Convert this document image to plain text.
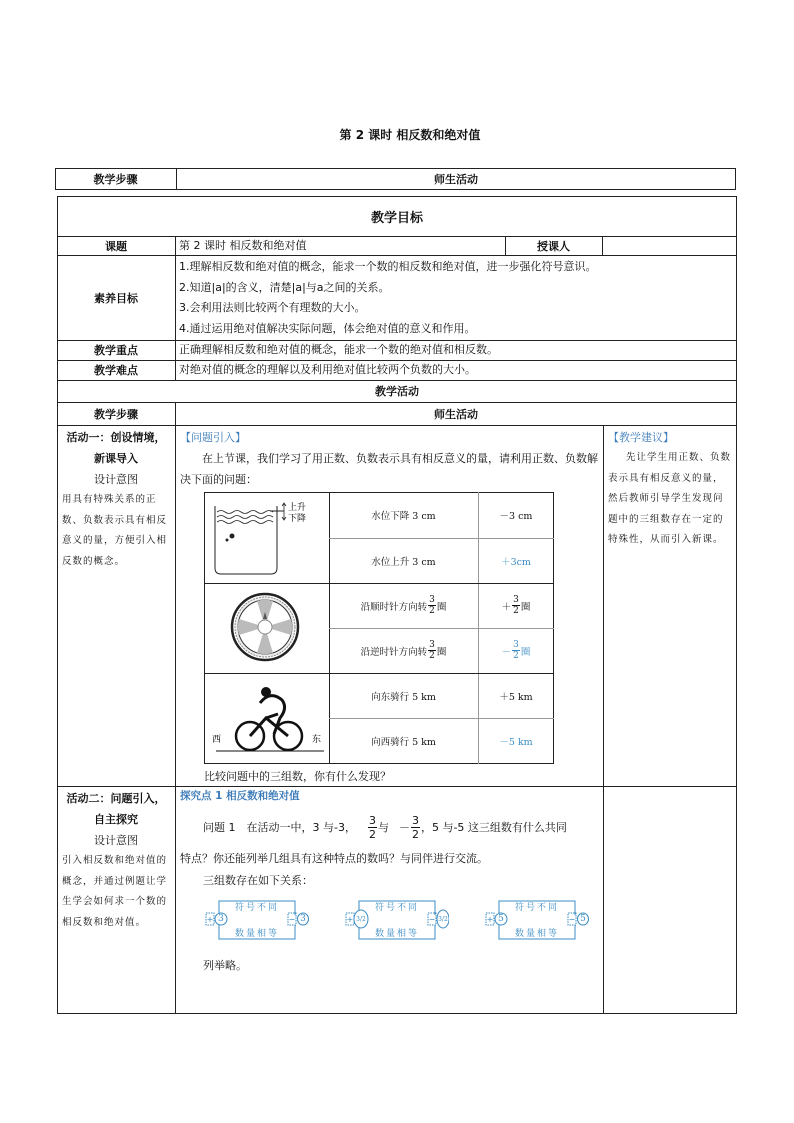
第 2 课时 相反数和绝对值
教学步骤	师生活动
教学目标
课题	第 2 课时 相反数和绝对值	授课人
素养目标
1.理解相反数和绝对值的概念，能求一个数的相反数和绝对值，进一步强化符号意识。
2.知道|a|的含义，清楚|a|与a之间的关系。
3.会利用法则比较两个有理数的大小。
4.通过运用绝对值解决实际问题，体会绝对值的意义和作用。
教学重点	正确理解相反数和绝对值的概念，能求一个数的绝对值和相反数。
教学难点	对绝对值的概念的理解以及利用绝对值比较两个负数的大小。
教学活动
教学步骤	师生活动
活动一：创设情境，新课导入
设计意图
用具有特殊关系的正数、负数表示具有相反意义的量，方便引入相反数的概念。
【问题引入】
在上节课，我们学习了用正数、负数表示具有相反意义的量，请利用正数、负数解决下面的问题：
上升
下降
西	东
水位下降 3 cm	－3 cm
水位上升 3 cm	＋3cm
沿顺时针方向转 $\frac{3}{2}$ 圈	＋ $\frac{3}{2}$ 圈
沿逆时针方向转 $\frac{3}{2}$ 圈	－ $\frac{3}{2}$ 圈
向东骑行 5 km	＋5 km
向西骑行 5 km	－5 km
比较问题中的三组数，你有什么发现？
【教学建议】
先让学生用正数、负数表示具有相反意义的量，然后教师引导学生发现问题中的三组数存在一定的特殊性，从而引入新课。
活动二：问题引入，自主探究
设计意图
引入相反数和绝对值的概念，并通过例题让学生学会如何求一个数的相反数和绝对值。
探究点 1 相反数和绝对值
问题 1　在活动一中，3 与-3， $\frac{3}{2}$ 与 － $\frac{3}{2}$ ，5 与-5 这三组数有什么共同
特点？你还能列举几组具有这种特点的数吗？与同伴进行交流。
三组数存在如下关系：
符号不同
数量相等
+	−
3	3
符号不同
数量相等
+	−
3/2	3/2
符号不同
数量相等
+	−
5	5
列举略。
